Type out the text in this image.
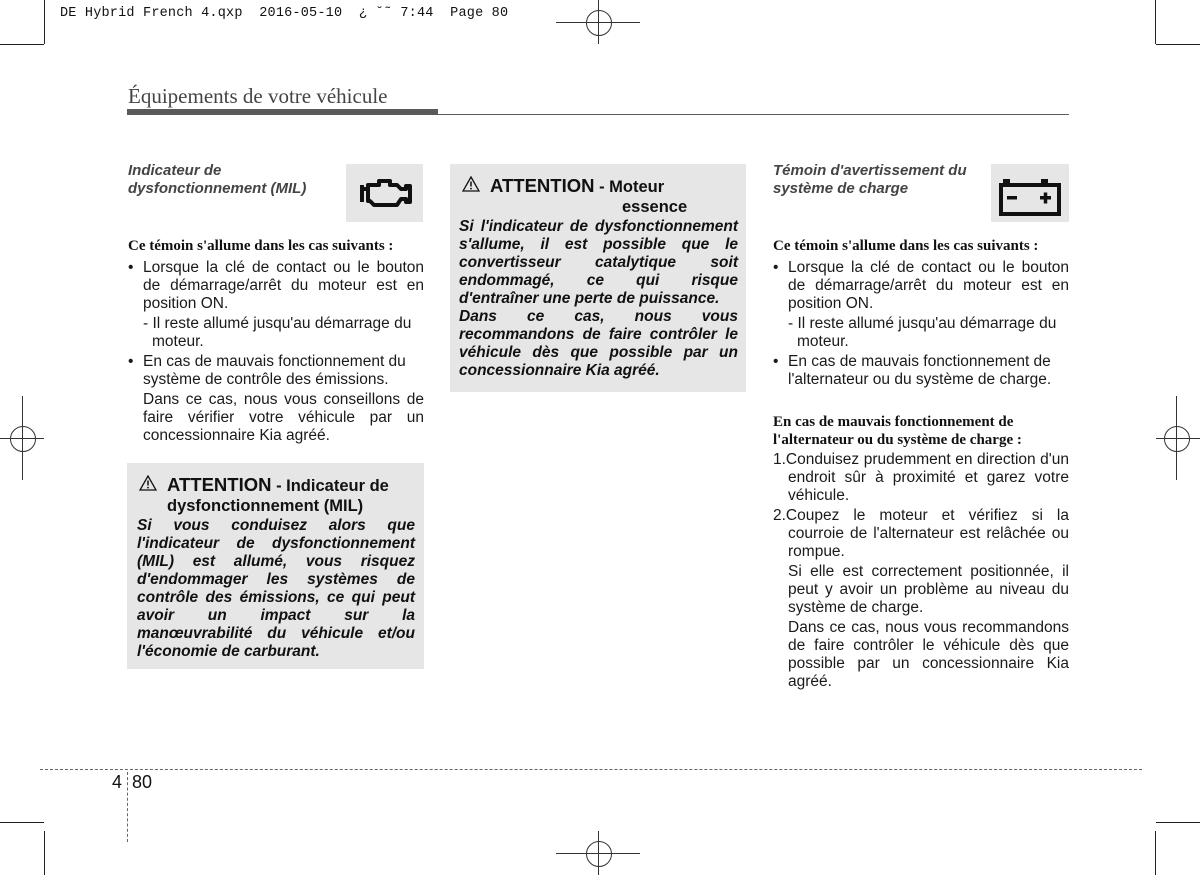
DE Hybrid French 4.qxp  2016-05-10  ¿ ˘˜ 7:44  Page 80
Équipements de votre véhicule
Indicateur de
dysfonctionnement (MIL)
Ce témoin s'allume dans les cas suivants :
• Lorsque la clé de contact ou le bouton de démarrage/arrêt du moteur est en position ON.
- Il reste allumé jusqu'au démarrage du moteur.
• En cas de mauvais fonctionnement du système de contrôle des émissions.
Dans ce cas, nous vous conseillons de faire vérifier votre véhicule par un concessionnaire Kia agréé.
ATTENTION - Indicateur de
dysfonctionnement (MIL)
Si vous conduisez alors que l'indicateur de dysfonctionnement (MIL) est allumé, vous risquez d'endommager les systèmes de contrôle des émissions, ce qui peut avoir un impact sur la manœuvrabilité du véhicule et/ou l'économie de carburant.
ATTENTION - Moteur
essence
Si l'indicateur de dysfonctionnement s'allume, il est possible que le convertisseur catalytique soit endommagé, ce qui risque d'entraîner une perte de puissance.
Dans ce cas, nous vous recommandons de faire contrôler le véhicule dès que possible par un concessionnaire Kia agréé.
Témoin d'avertissement du
système de charge
Ce témoin s'allume dans les cas suivants :
• Lorsque la clé de contact ou le bouton de démarrage/arrêt du moteur est en position ON.
- Il reste allumé jusqu'au démarrage du moteur.
• En cas de mauvais fonctionnement de l'alternateur ou du système de charge.
En cas de mauvais fonctionnement de
l'alternateur ou du système de charge :
1.Conduisez prudemment en direction d'un endroit sûr à proximité et garez votre véhicule.
2.Coupez le moteur et vérifiez si la courroie de l'alternateur est relâchée ou rompue.
Si elle est correctement positionnée, il peut y avoir un problème au niveau du système de charge.
Dans ce cas, nous vous recommandons de faire contrôler le véhicule dès que possible par un concessionnaire Kia agréé.
4 80
